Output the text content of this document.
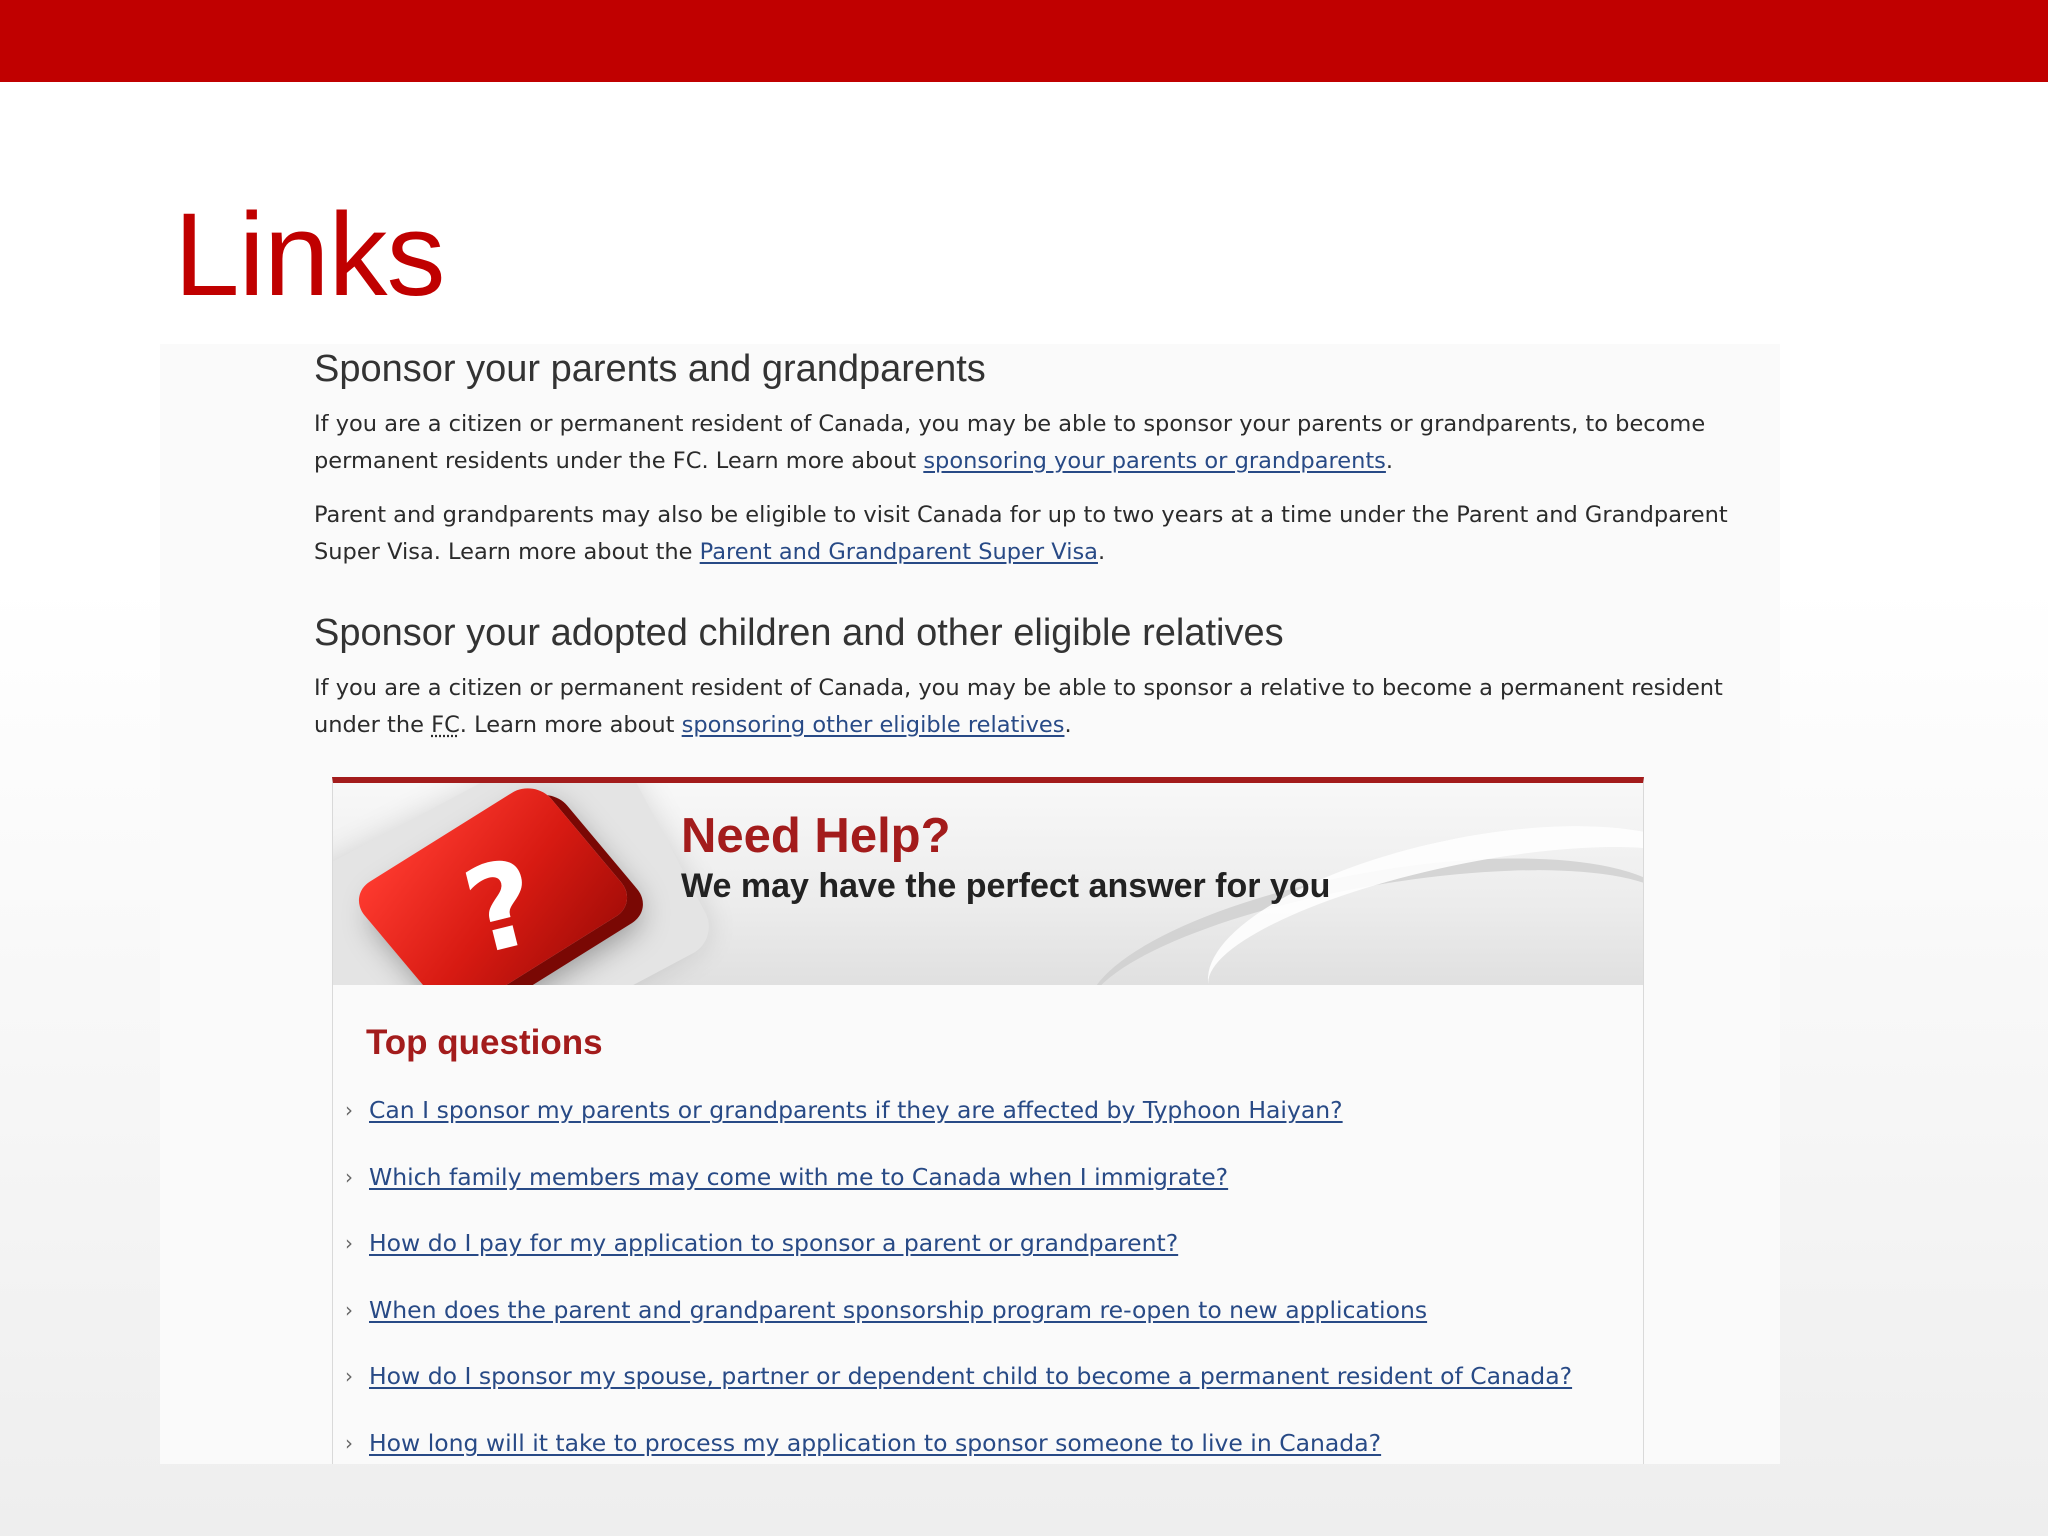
Links
Sponsor your parents and grandparents

If you are a citizen or permanent resident of Canada, you may be able to sponsor your parents or grandparents, to become permanent residents under the FC. Learn more about sponsoring your parents or grandparents.

Parent and grandparents may also be eligible to visit Canada for up to two years at a time under the Parent and Grandparent Super Visa. Learn more about the Parent and Grandparent Super Visa.

Sponsor your adopted children and other eligible relatives

If you are a citizen or permanent resident of Canada, you may be able to sponsor a relative to become a permanent resident under the FC. Learn more about sponsoring other eligible relatives.

?	Need Help?

We may have the perfect answer for you

Top questions
› Can I sponsor my parents or grandparents if they are affected by Typhoon Haiyan?
› Which family members may come with me to Canada when I immigrate?
› How do I pay for my application to sponsor a parent or grandparent?
› When does the parent and grandparent sponsorship program re-open to new applications
› How do I sponsor my spouse, partner or dependent child to become a permanent resident of Canada?
› How long will it take to process my application to sponsor someone to live in Canada?
